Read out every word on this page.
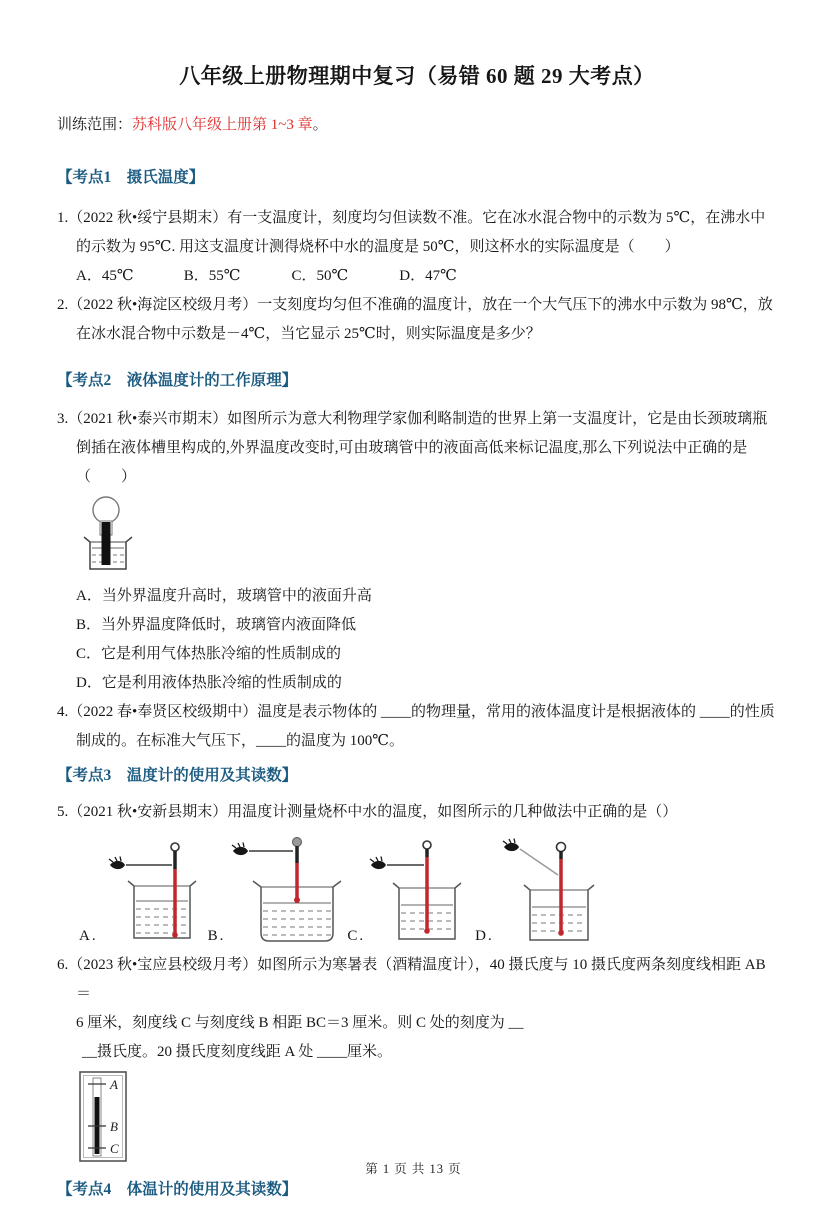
八年级上册物理期中复习（易错 60 题 29 大考点）
训练范围：苏科版八年级上册第 1~3 章。
【考点1　摄氏温度】
1.（2022 秋•绥宁县期末）有一支温度计，刻度均匀但读数不准。它在冰水混合物中的示数为 5℃，在沸水中的示数为 95℃. 用这支温度计测得烧杯中水的温度是 50℃，则这杯水的实际温度是（　　）
A．45℃	B．55℃	C．50℃	D．47℃
2.（2022 秋•海淀区校级月考）一支刻度均匀但不准确的温度计，放在一个大气压下的沸水中示数为 98℃，放在冰水混合物中示数是－4℃，当它显示 25℃时，则实际温度是多少？
【考点2　液体温度计的工作原理】
3.（2021 秋•泰兴市期末）如图所示为意大利物理学家伽利略制造的世界上第一支温度计，它是由长颈玻璃瓶倒插在液体槽里构成的,外界温度改变时,可由玻璃管中的液面高低来标记温度,那么下列说法中正确的是（　　）
A．当外界温度升高时，玻璃管中的液面升高
B．当外界温度降低时，玻璃管内液面降低
C．它是利用气体热胀冷缩的性质制成的
D．它是利用液体热胀冷缩的性质制成的
4.（2022 春•奉贤区校级期中）温度是表示物体的 ____的物理量，常用的液体温度计是根据液体的 ____的性质制成的。在标准大气压下，____的温度为 100℃。
【考点3　温度计的使用及其读数】
5.（2021 秋•安新县期末）用温度计测量烧杯中水的温度，如图所示的几种做法中正确的是（）
A.	B.	C.	D.
6.（2023 秋•宝应县校级月考）如图所示为寒暑表（酒精温度计），40 摄氏度与 10 摄氏度两条刻度线相距 AB＝
6 厘米，刻度线 C 与刻度线 B 相距 BC＝3 厘米。则 C 处的刻度为 __
__摄氏度。20 摄氏度刻度线距 A 处 ____厘米。
A
B
C
【考点4　体温计的使用及其读数】
第 1 页 共 13 页
